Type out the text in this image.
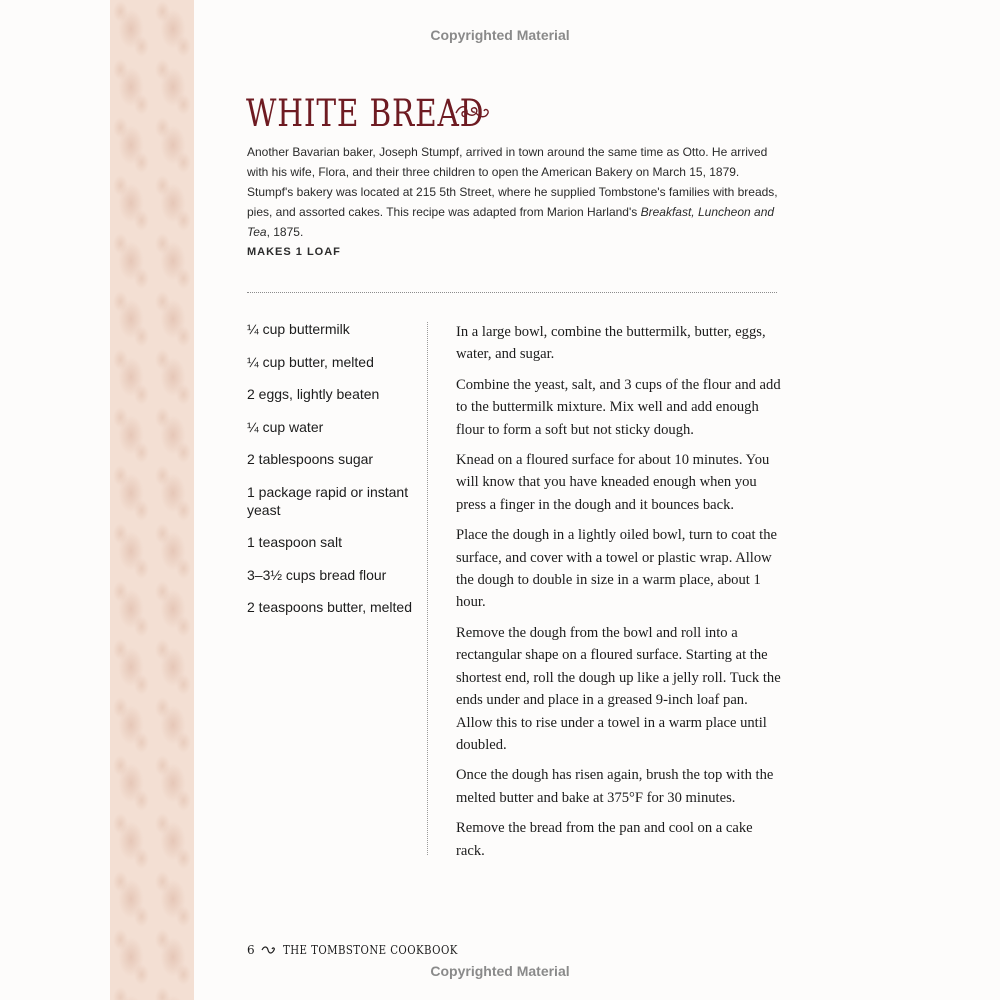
Copyrighted Material
WHITE BREAD

Another Bavarian baker, Joseph Stumpf, arrived in town around the same time as Otto. He arrived with his wife, Flora, and their three children to open the American Bakery on March 15, 1879. Stumpf's bakery was located at 215 5th Street, where he supplied Tombstone's families with breads, pies, and assorted cakes. This recipe was adapted from Marion Harland's Breakfast, Luncheon and Tea, 1875.

MAKES 1 LOAF
¼ cup buttermilk
¼ cup butter, melted
2 eggs, lightly beaten
¼ cup water
2 tablespoons sugar
1 package rapid or instant yeast
1 teaspoon salt
3–3½ cups bread flour
2 teaspoons butter, melted

In a large bowl, combine the buttermilk, butter, eggs, water, and sugar.

Combine the yeast, salt, and 3 cups of the flour and add to the buttermilk mixture. Mix well and add enough flour to form a soft but not sticky dough.

Knead on a floured surface for about 10 minutes. You will know that you have kneaded enough when you press a finger in the dough and it bounces back.

Place the dough in a lightly oiled bowl, turn to coat the surface, and cover with a towel or plastic wrap. Allow the dough to double in size in a warm place, about 1 hour.

Remove the dough from the bowl and roll into a rectangular shape on a floured surface. Starting at the shortest end, roll the dough up like a jelly roll. Tuck the ends under and place in a greased 9-inch loaf pan. Allow this to rise under a towel in a warm place until doubled.

Once the dough has risen again, brush the top with the melted butter and bake at 375°F for 30 minutes.

Remove the bread from the pan and cool on a cake rack.

6 THE TOMBSTONE COOKBOOK
Copyrighted Material
